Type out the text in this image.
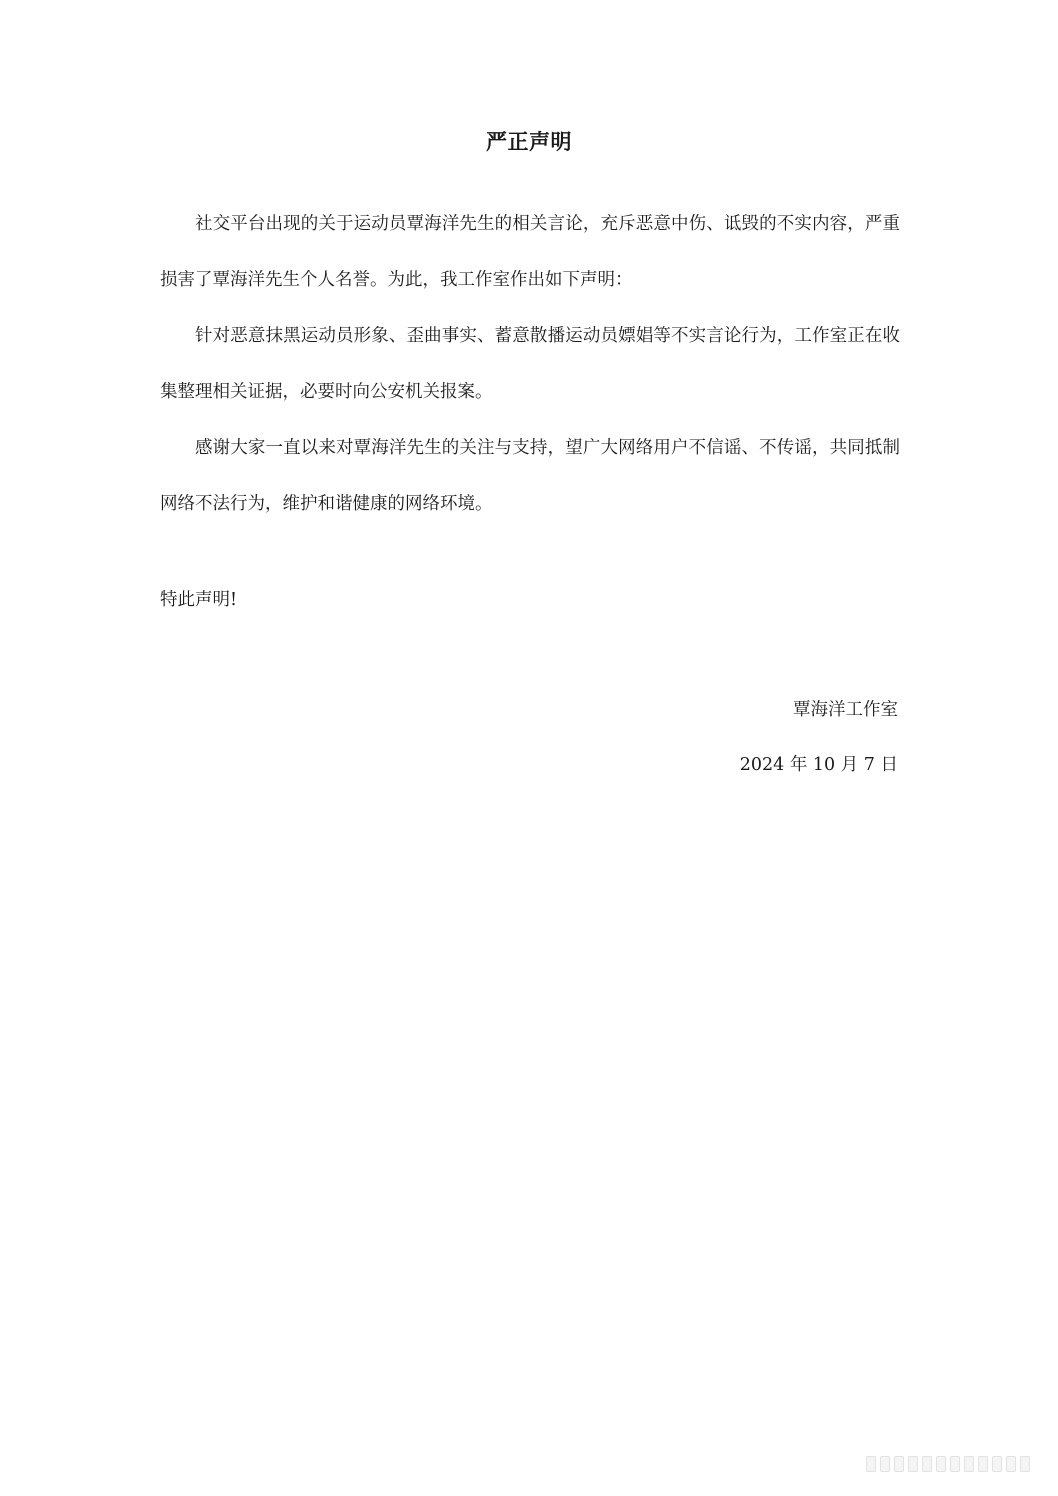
严正声明

社交平台出现的关于运动员覃海洋先生的相关言论，充斥恶意中伤、诋毁的不实内容，严重损害了覃海洋先生个人名誉。为此，我工作室作出如下声明：

针对恶意抹黑运动员形象、歪曲事实、蓄意散播运动员嫖娼等不实言论行为，工作室正在收集整理相关证据，必要时向公安机关报案。

感谢大家一直以来对覃海洋先生的关注与支持，望广大网络用户不信谣、不传谣，共同抵制网络不法行为，维护和谐健康的网络环境。

特此声明!

覃海洋工作室

2024 年 10 月 7 日
